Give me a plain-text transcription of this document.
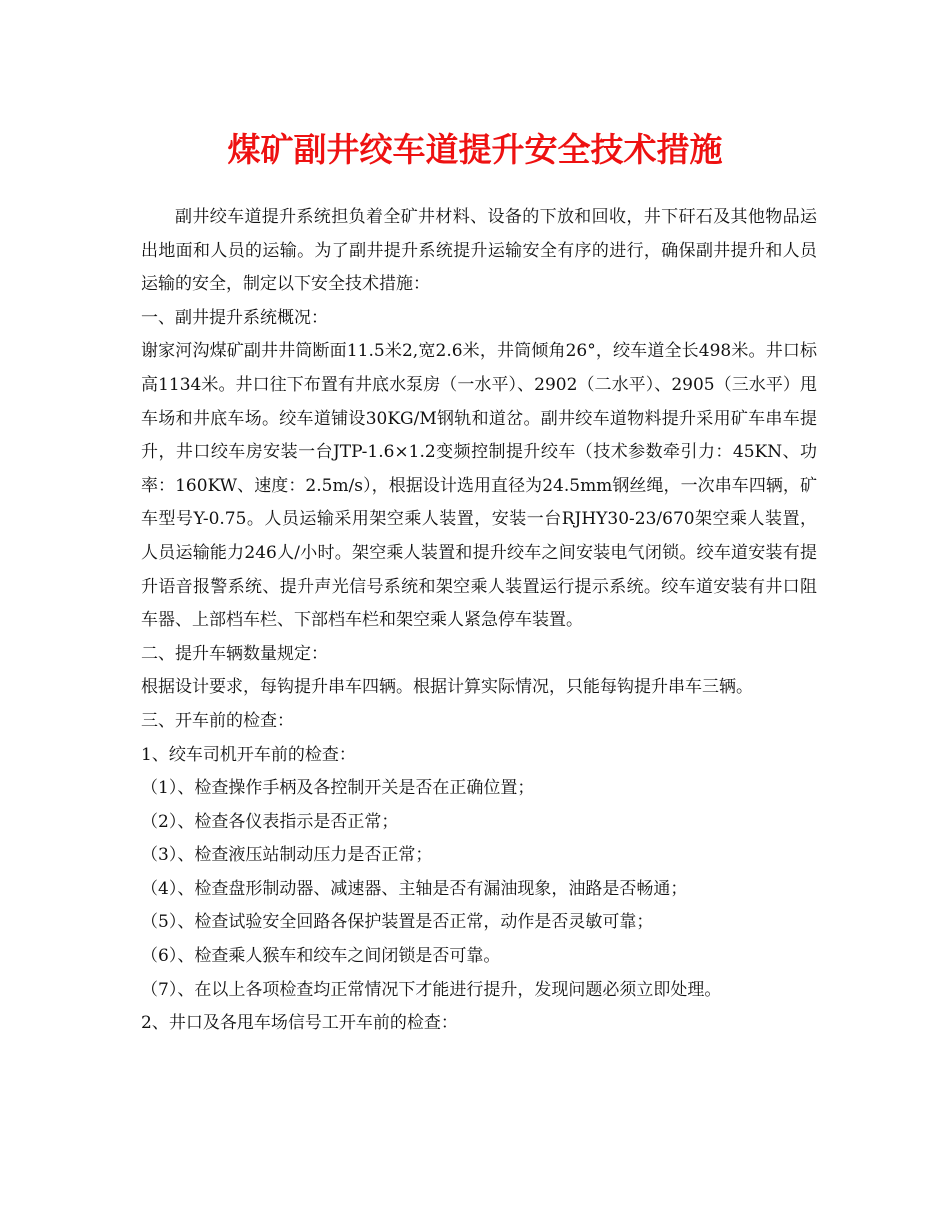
煤矿副井绞车道提升安全技术措施

副井绞车道提升系统担负着全矿井材料、设备的下放和回收，井下矸石及其他物品运出地面和人员的运输。为了副井提升系统提升运输安全有序的进行，确保副井提升和人员运输的安全，制定以下安全技术措施：

一、副井提升系统概况：

谢家河沟煤矿副井井筒断面11.5米2,宽2.6米，井筒倾角26°，绞车道全长498米。井口标高1134米。井口往下布置有井底水泵房（一水平）、2902（二水平）、2905（三水平）甩车场和井底车场。绞车道铺设30KG/M钢轨和道岔。副井绞车道物料提升采用矿车串车提升，井口绞车房安装一台JTP-1.6×1.2变频控制提升绞车（技术参数牵引力：45KN、功率：160KW、速度：2.5m/s），根据设计选用直径为24.5mm钢丝绳，一次串车四辆，矿车型号Y-0.75。人员运输采用架空乘人装置，安装一台RJHY30-23/670架空乘人装置，人员运输能力246人/小时。架空乘人装置和提升绞车之间安装电气闭锁。绞车道安装有提升语音报警系统、提升声光信号系统和架空乘人装置运行提示系统。绞车道安装有井口阻车器、上部档车栏、下部档车栏和架空乘人紧急停车装置。

二、提升车辆数量规定：

根据设计要求，每钩提升串车四辆。根据计算实际情况，只能每钩提升串车三辆。

三、开车前的检查：

1、绞车司机开车前的检查：

（1）、检查操作手柄及各控制开关是否在正确位置；

（2）、检查各仪表指示是否正常；

（3）、检查液压站制动压力是否正常；

（4）、检查盘形制动器、减速器、主轴是否有漏油现象，油路是否畅通；

（5）、检查试验安全回路各保护装置是否正常，动作是否灵敏可靠；

（6）、检查乘人猴车和绞车之间闭锁是否可靠。

（7）、在以上各项检查均正常情况下才能进行提升，发现问题必须立即处理。

2、井口及各甩车场信号工开车前的检查：
